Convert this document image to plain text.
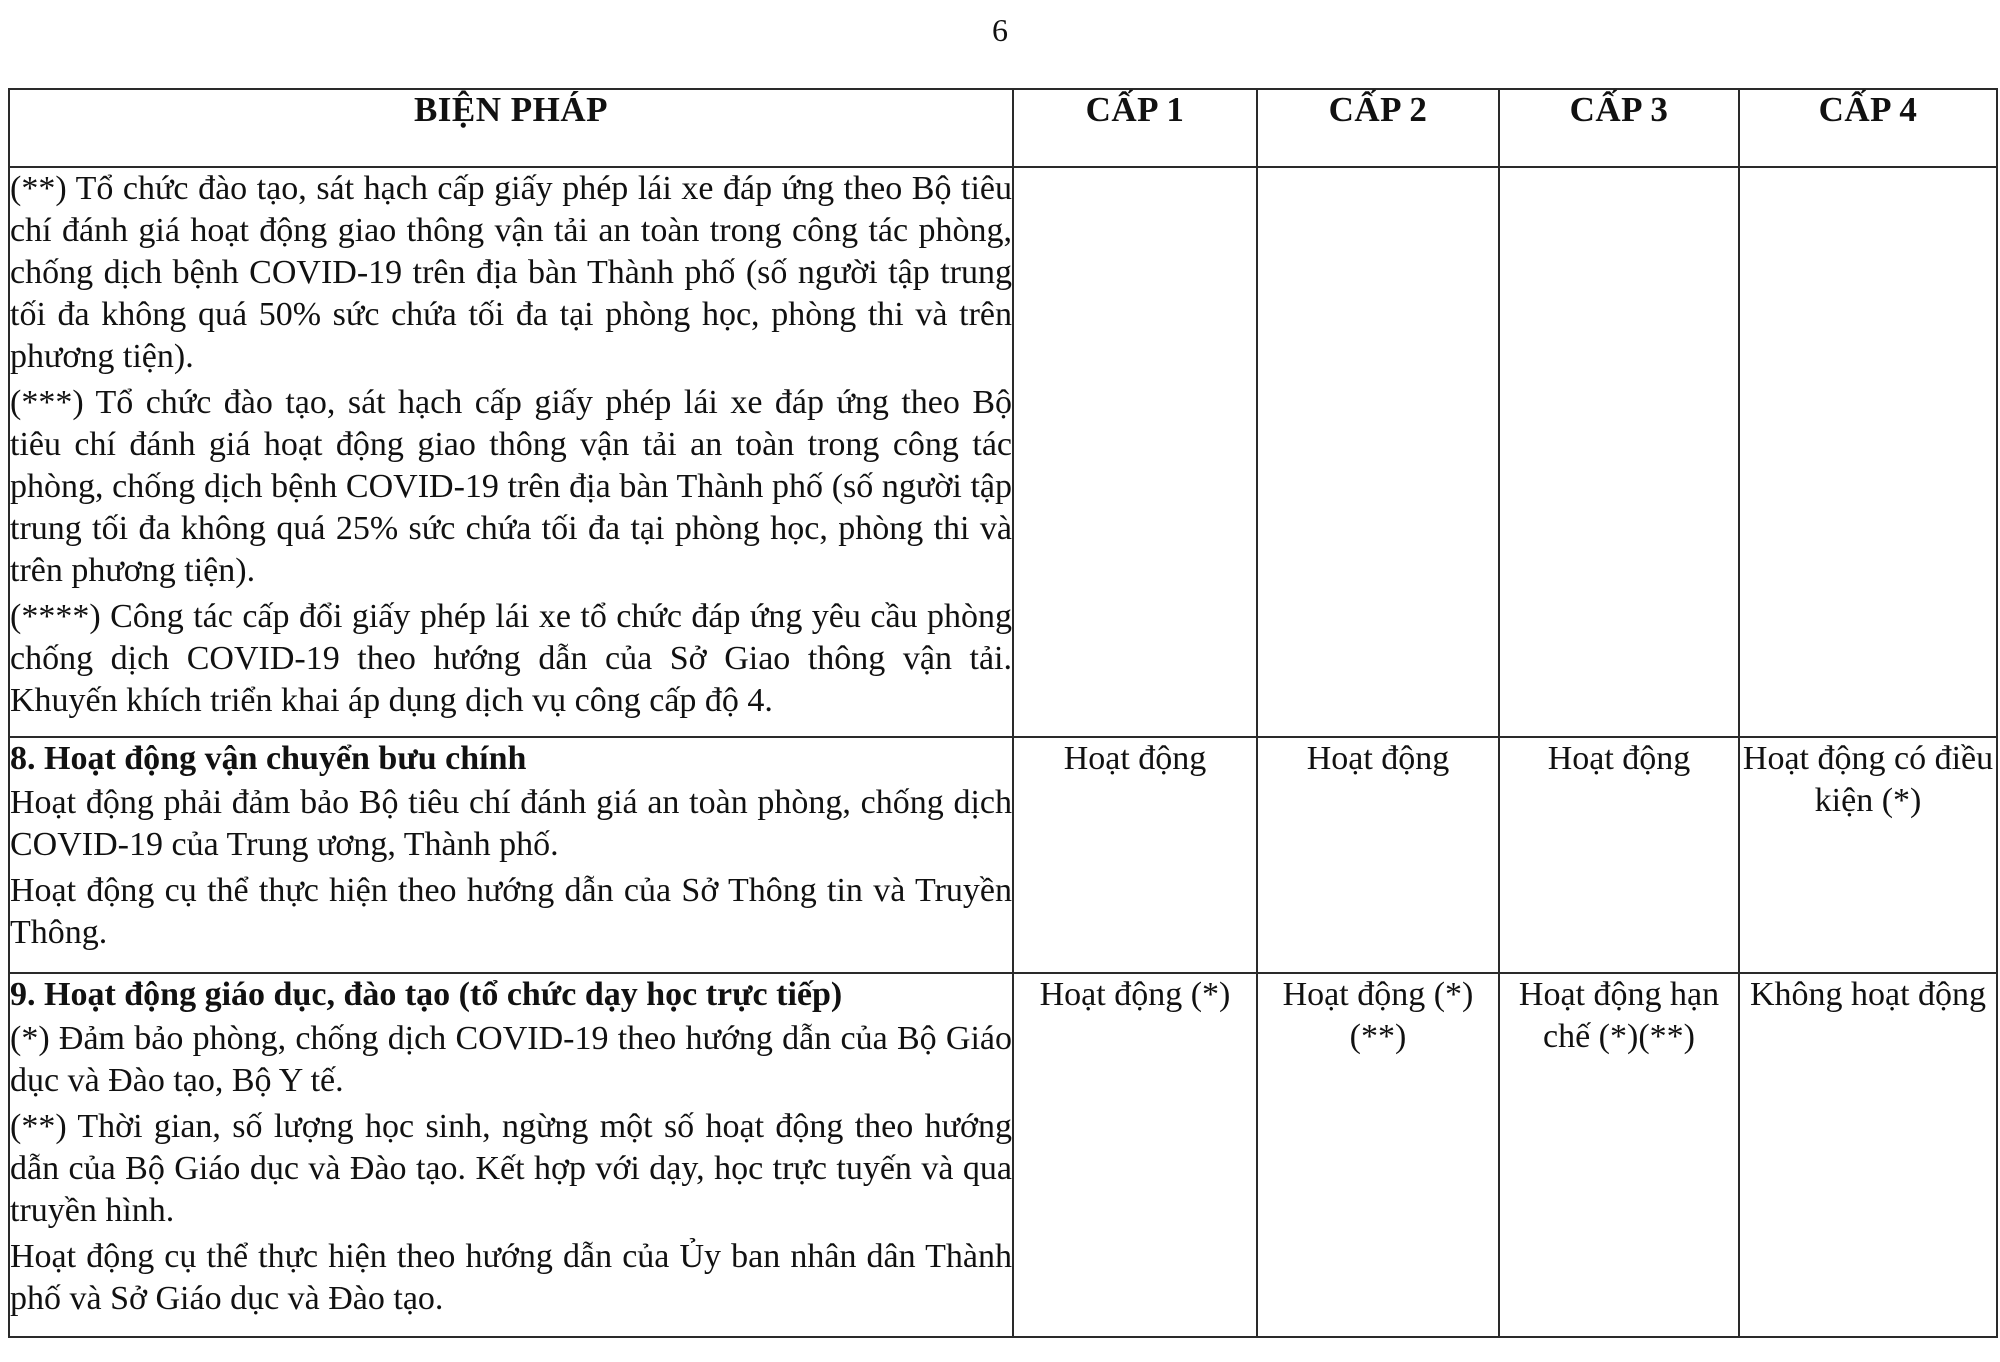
6
BIỆN PHÁP	CẤP 1	CẤP 2	CẤP 3	CẤP 4

(**) Tổ chức đào tạo, sát hạch cấp giấy phép lái xe đáp ứng theo Bộ tiêu chí đánh giá hoạt động giao thông vận tải an toàn trong công tác phòng, chống dịch bệnh COVID-19 trên địa bàn Thành phố (số người tập trung tối đa không quá 50% sức chứa tối đa tại phòng học, phòng thi và trên phương tiện).

(***) Tổ chức đào tạo, sát hạch cấp giấy phép lái xe đáp ứng theo Bộ tiêu chí đánh giá hoạt động giao thông vận tải an toàn trong công tác phòng, chống dịch bệnh COVID-19 trên địa bàn Thành phố (số người tập trung tối đa không quá 25% sức chứa tối đa tại phòng học, phòng thi và trên phương tiện).

(****) Công tác cấp đổi giấy phép lái xe tổ chức đáp ứng yêu cầu phòng chống dịch COVID-19 theo hướng dẫn của Sở Giao thông vận tải. Khuyến khích triển khai áp dụng dịch vụ công cấp độ 4.				

8. Hoạt động vận chuyển bưu chính

Hoạt động phải đảm bảo Bộ tiêu chí đánh giá an toàn phòng, chống dịch COVID-19 của Trung ương, Thành phố.

Hoạt động cụ thể thực hiện theo hướng dẫn của Sở Thông tin và Truyền Thông.	Hoạt động	Hoạt động	Hoạt động	Hoạt động có điều kiện (*)

9. Hoạt động giáo dục, đào tạo (tổ chức dạy học trực tiếp)

(*) Đảm bảo phòng, chống dịch COVID-19 theo hướng dẫn của Bộ Giáo dục và Đào tạo, Bộ Y tế.

(**) Thời gian, số lượng học sinh, ngừng một số hoạt động theo hướng dẫn của Bộ Giáo dục và Đào tạo. Kết hợp với dạy, học trực tuyến và qua truyền hình.

Hoạt động cụ thể thực hiện theo hướng dẫn của Ủy ban nhân dân Thành phố và Sở Giáo dục và Đào tạo.	Hoạt động (*)	Hoạt động (*)(**)	Hoạt động hạn chế (*)(**)	Không hoạt động
